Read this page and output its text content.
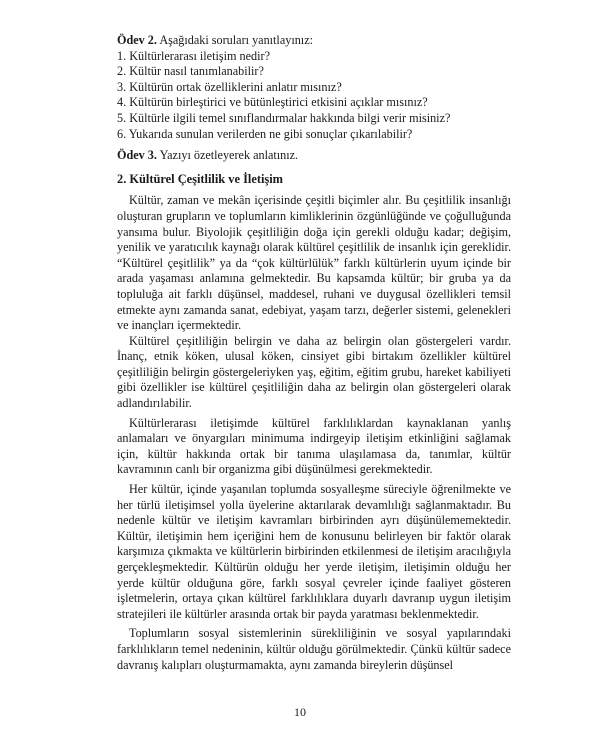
Ödev 2. Aşağıdaki soruları yanıtlayınız:

1. Kültürlerarası iletişim nedir?
2. Kültür nasıl tanımlanabilir?
3. Kültürün ortak özelliklerini anlatır mısınız?
4. Kültürün birleştirici ve bütünleştirici etkisini açıklar mısınız?
5. Kültürle ilgili temel sınıflandırmalar hakkında bilgi verir misiniz?
6. Yukarıda sunulan verilerden ne gibi sonuçlar çıkarılabilir?

Ödev 3. Yazıyı özetleyerek anlatınız.

2. Kültürel Çeşitlilik ve İletişim

Kültür, zaman ve mekân içerisinde çeşitli biçimler alır. Bu çeşitlilik insanlığı oluşturan grupların ve toplumların kimliklerinin özgünlüğünde ve çoğulluğunda yansıma bulur. Biyolojik çeşitliliğin doğa için gerekli olduğu kadar; değişim, yenilik ve yaratıcılık kaynağı olarak kültürel çeşitlilik de insanlık için gereklidir. “Kültürel çeşitlilik” ya da “çok kültürlülük” farklı kültürlerin uyum içinde bir arada yaşaması anlamına gelmektedir. Bu kapsamda kültür; bir gruba ya da topluluğa ait farklı düşünsel, maddesel, ruhani ve duygusal özellikleri temsil etmekte aynı zamanda sanat, edebiyat, yaşam tarzı, değerler sistemi, gelenekleri ve inançları içermektedir.

Kültürel çeşitliliğin belirgin ve daha az belirgin olan göstergeleri vardır. İnanç, etnik köken, ulusal köken, cinsiyet gibi birtakım özellikler kültürel çeşitliliğin belirgin göstergeleriyken yaş, eğitim, eğitim grubu, hareket kabiliyeti gibi özellikler ise kültürel çeşitliliğin daha az belirgin olan göstergeleri olarak adlandırılabilir.

Kültürlerarası iletişimde kültürel farklılıklardan kaynaklanan yanlış anlamaları ve önyargıları minimuma indirgeyip iletişim etkinliğini sağlamak için, kültür hakkında ortak bir tanıma ulaşılamasa da, tanımlar, kültür kavramının canlı bir organizma gibi düşünülmesi gerekmektedir.

Her kültür, içinde yaşanılan toplumda sosyalleşme süreciyle öğrenilmekte ve her türlü iletişimsel yolla üyelerine aktarılarak devamlılığı sağlanmaktadır. Bu nedenle kültür ve iletişim kavramları birbirinden ayrı düşünülememektedir. Kültür, iletişimin hem içeriğini hem de konusunu belirleyen bir faktör olarak karşımıza çıkmakta ve kültürlerin birbirinden etkilenmesi de iletişim aracılığıyla gerçekleşmektedir. Kültürün olduğu her yerde iletişim, iletişimin olduğu her yerde kültür olduğuna göre, farklı sosyal çevreler içinde faaliyet gösteren işletmelerin, ortaya çıkan kültürel farklılıklara duyarlı davranıp uygun iletişim stratejileri ile kültürler arasında ortak bir payda yaratması beklenmektedir.

Toplumların sosyal sistemlerinin sürekliliğinin ve sosyal yapılarındaki farklılıkların temel nedeninin, kültür olduğu görülmektedir. Çünkü kültür sadece davranış kalıpları oluşturmamakta, aynı zamanda bireylerin düşünsel

10
